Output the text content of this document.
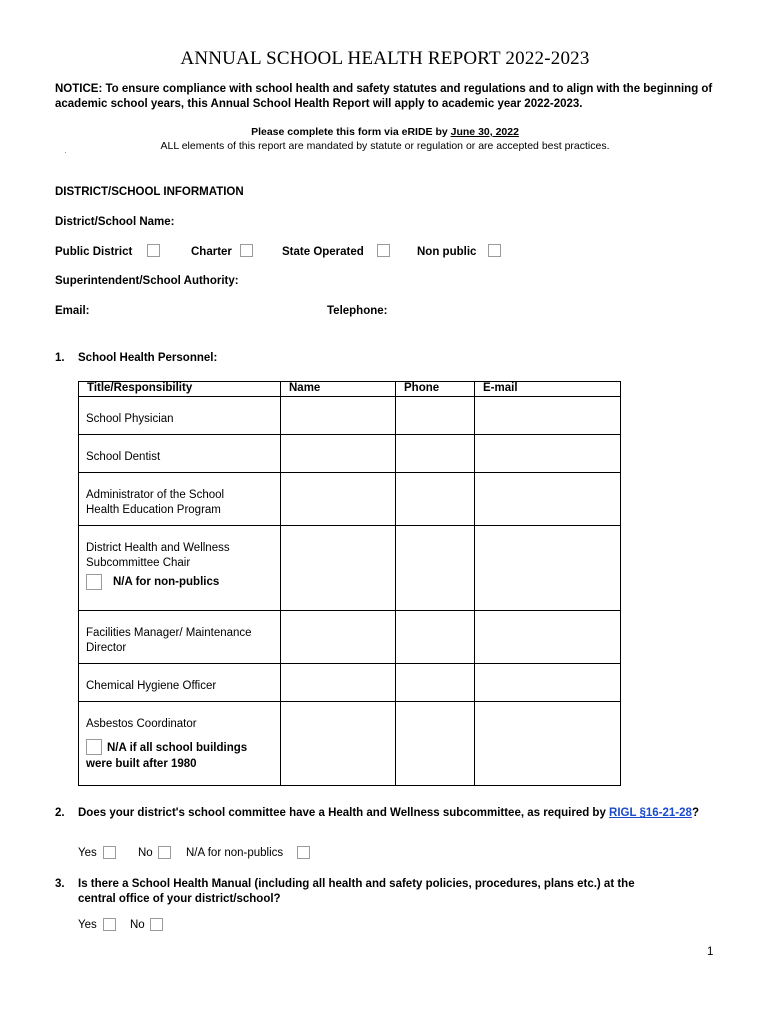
ANNUAL SCHOOL HEALTH REPORT 2022-2023
NOTICE: To ensure compliance with school health and safety statutes and regulations and to align with the beginning of academic school years, this Annual School Health Report will apply to academic year 2022-2023.
Please complete this form via eRIDE by June 30, 2022
ALL elements of this report are mandated by statute or regulation or are accepted best practices.
DISTRICT/SCHOOL INFORMATION
District/School Name:
Public District	Charter	State Operated	Non public
Superintendent/School Authority:
Email:	Telephone:
1. School Health Personnel:
Title/Responsibility	Name	Phone	E-mail

School Physician			

School Dentist			

Administrator of the School Health Education Program			

District Health and Wellness Subcommittee Chair
N/A for non-publics			

Facilities Manager/ Maintenance Director			

Chemical Hygiene Officer			

Asbestos Coordinator
N/A if all school buildings were built after 1980			

2. Does your district's school committee have a Health and Wellness subcommittee, as required by RIGL §16-21-28?
Yes	No	N/A for non-publics
3. Is there a School Health Manual (including all health and safety policies, procedures, plans etc.) at the central office of your district/school?
Yes	No
1
